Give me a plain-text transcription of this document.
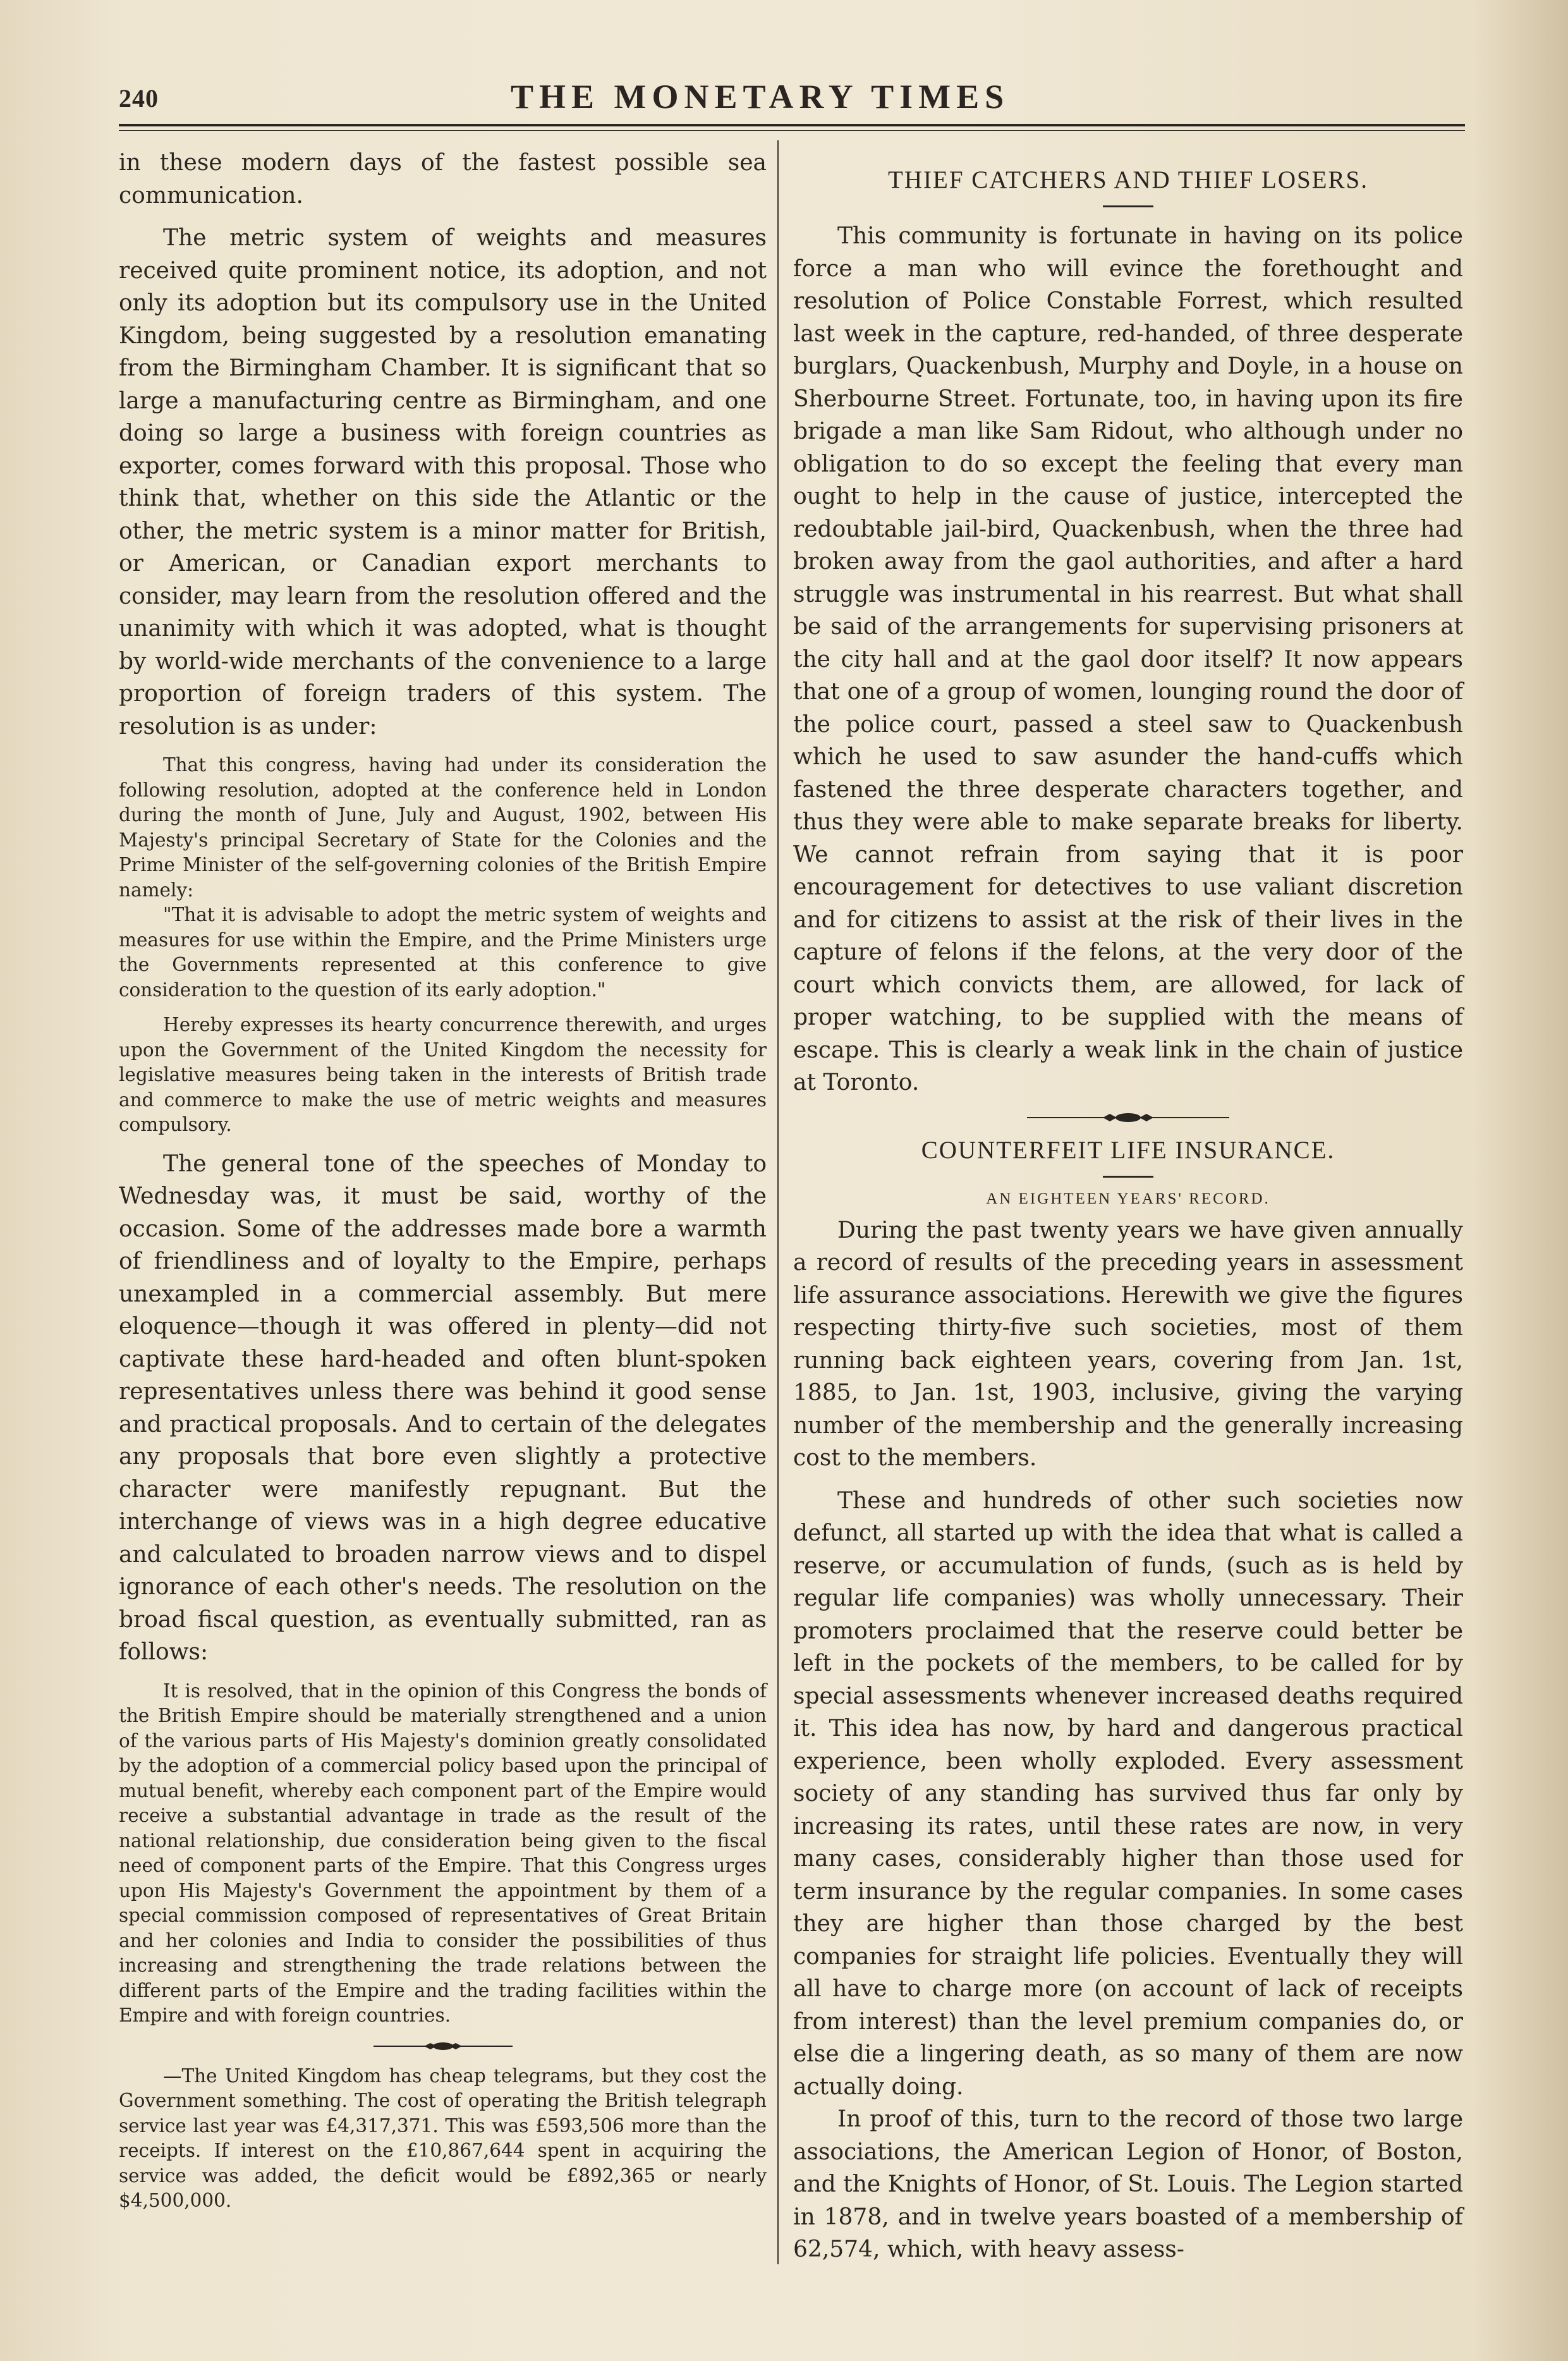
240	THE MONETARY TIMES

in these modern days of the fastest possible sea communication.

The metric system of weights and measures received quite prominent notice, its adoption, and not only its adoption but its compulsory use in the United Kingdom, being suggested by a resolution emanating from the Birmingham Chamber. It is significant that so large a manufacturing centre as Birmingham, and one doing so large a business with foreign countries as exporter, comes forward with this proposal. Those who think that, whether on this side the Atlantic or the other, the metric system is a minor matter for British, or American, or Canadian export merchants to consider, may learn from the resolution offered and the unanimity with which it was adopted, what is thought by world-wide merchants of the convenience to a large proportion of foreign traders of this system. The resolution is as under:

That this congress, having had under its consideration the following resolution, adopted at the conference held in London during the month of June, July and August, 1902, between His Majesty's principal Secretary of State for the Colonies and the Prime Minister of the self-governing colonies of the British Empire namely:

"That it is advisable to adopt the metric system of weights and measures for use within the Empire, and the Prime Ministers urge the Governments represented at this conference to give consideration to the question of its early adoption."

Hereby expresses its hearty concurrence therewith, and urges upon the Government of the United Kingdom the necessity for legislative measures being taken in the interests of British trade and commerce to make the use of metric weights and measures compulsory.

The general tone of the speeches of Monday to Wednesday was, it must be said, worthy of the occasion. Some of the addresses made bore a warmth of friendliness and of loyalty to the Empire, perhaps unexampled in a commercial assembly. But mere eloquence—though it was offered in plenty—did not captivate these hard-headed and often blunt-spoken representatives unless there was behind it good sense and practical proposals. And to certain of the delegates any proposals that bore even slightly a protective character were manifestly repugnant. But the interchange of views was in a high degree educative and calculated to broaden narrow views and to dispel ignorance of each other's needs. The resolution on the broad fiscal question, as eventually submitted, ran as follows:

It is resolved, that in the opinion of this Congress the bonds of the British Empire should be materially strengthened and a union of the various parts of His Majesty's dominion greatly consolidated by the adoption of a commercial policy based upon the principal of mutual benefit, whereby each component part of the Empire would receive a substantial advantage in trade as the result of the national relationship, due consideration being given to the fiscal need of component parts of the Empire. That this Congress urges upon His Majesty's Government the appointment by them of a special commission composed of representatives of Great Britain and her colonies and India to consider the possibilities of thus increasing and strengthening the trade relations between the different parts of the Empire and the trading facilities within the Empire and with foreign countries.

—The United Kingdom has cheap telegrams, but they cost the Government something. The cost of operating the British telegraph service last year was £4,317,371. This was £593,506 more than the receipts. If interest on the £10,867,644 spent in acquiring the service was added, the deficit would be £892,365 or nearly $4,500,000.

THIEF CATCHERS AND THIEF LOSERS.

This community is fortunate in having on its police force a man who will evince the forethought and resolution of Police Constable Forrest, which resulted last week in the capture, red-handed, of three desperate burglars, Quackenbush, Murphy and Doyle, in a house on Sherbourne Street. Fortunate, too, in having upon its fire brigade a man like Sam Ridout, who although under no obligation to do so except the feeling that every man ought to help in the cause of justice, intercepted the redoubtable jail-bird, Quackenbush, when the three had broken away from the gaol authorities, and after a hard struggle was instrumental in his rearrest. But what shall be said of the arrangements for supervising prisoners at the city hall and at the gaol door itself? It now appears that one of a group of women, lounging round the door of the police court, passed a steel saw to Quackenbush which he used to saw asunder the hand-cuffs which fastened the three desperate characters together, and thus they were able to make separate breaks for liberty. We cannot refrain from saying that it is poor encouragement for detectives to use valiant discretion and for citizens to assist at the risk of their lives in the capture of felons if the felons, at the very door of the court which convicts them, are allowed, for lack of proper watching, to be supplied with the means of escape. This is clearly a weak link in the chain of justice at Toronto.

COUNTERFEIT LIFE INSURANCE.
AN EIGHTEEN YEARS' RECORD.

During the past twenty years we have given annually a record of results of the preceding years in assessment life assurance associations. Herewith we give the figures respecting thirty-five such societies, most of them running back eighteen years, covering from Jan. 1st, 1885, to Jan. 1st, 1903, inclusive, giving the varying number of the membership and the generally increasing cost to the members.

These and hundreds of other such societies now defunct, all started up with the idea that what is called a reserve, or accumulation of funds, (such as is held by regular life companies) was wholly unnecessary. Their promoters proclaimed that the reserve could better be left in the pockets of the members, to be called for by special assessments whenever increased deaths required it. This idea has now, by hard and dangerous practical experience, been wholly exploded. Every assessment society of any standing has survived thus far only by increasing its rates, until these rates are now, in very many cases, considerably higher than those used for term insurance by the regular companies. In some cases they are higher than those charged by the best companies for straight life policies. Eventually they will all have to charge more (on account of lack of receipts from interest) than the level premium companies do, or else die a lingering death, as so many of them are now actually doing.

In proof of this, turn to the record of those two large associations, the American Legion of Honor, of Boston, and the Knights of Honor, of St. Louis. The Legion started in 1878, and in twelve years boasted of a membership of 62,574, which, with heavy assess-
